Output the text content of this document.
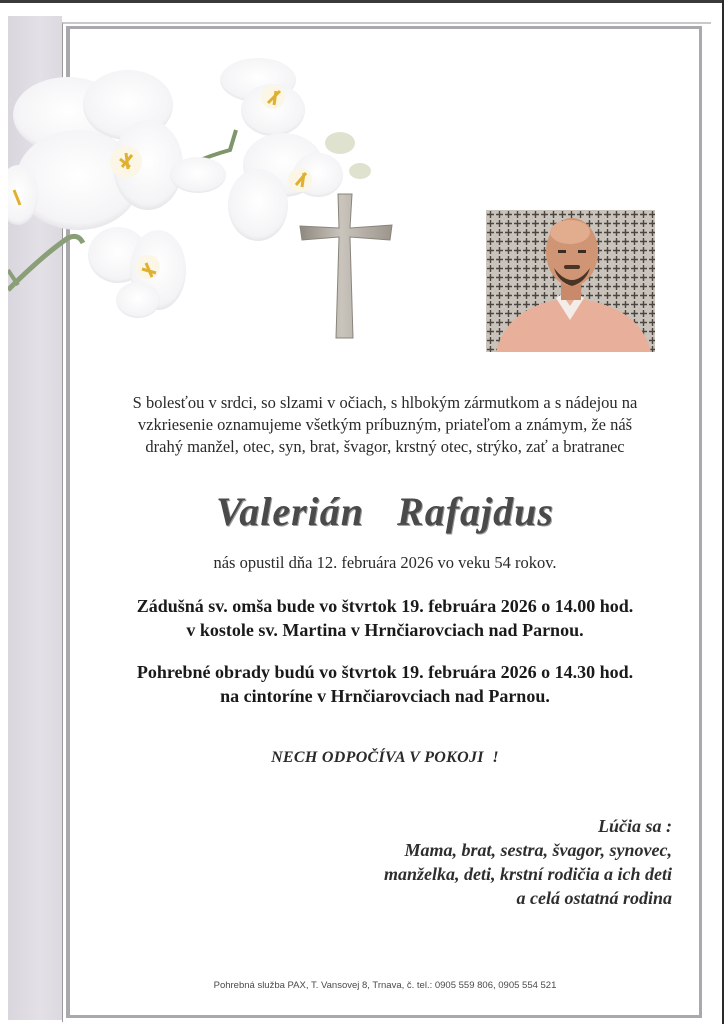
S bolesťou v srdci, so slzami v očiach, s hlbokým zármutkom a s nádejou na
vzkriesenie oznamujeme všetkým príbuzným, priateľom a známym, že náš
drahý manžel, otec, syn, brat, švagor, krstný otec, strýko, zať a bratranec
Valerián Rafajdus
nás opustil dňa 12. februára 2026 vo veku 54 rokov.
Zádušná sv. omša bude vo štvrtok 19. februára 2026 o 14.00 hod.
v kostole sv. Martina v Hrnčiarovciach nad Parnou.
Pohrebné obrady budú vo štvrtok 19. februára 2026 o 14.30 hod.
na cintoríne v Hrnčiarovciach nad Parnou.
NECH ODPOČÍVA V POKOJI  !
Lúčia sa :
Mama, brat, sestra, švagor, synovec,
manželka, deti, krstní rodičia a ich deti
a celá ostatná rodina
Pohrebná služba PAX, T. Vansovej 8, Trnava, č. tel.: 0905 559 806, 0905 554 521
